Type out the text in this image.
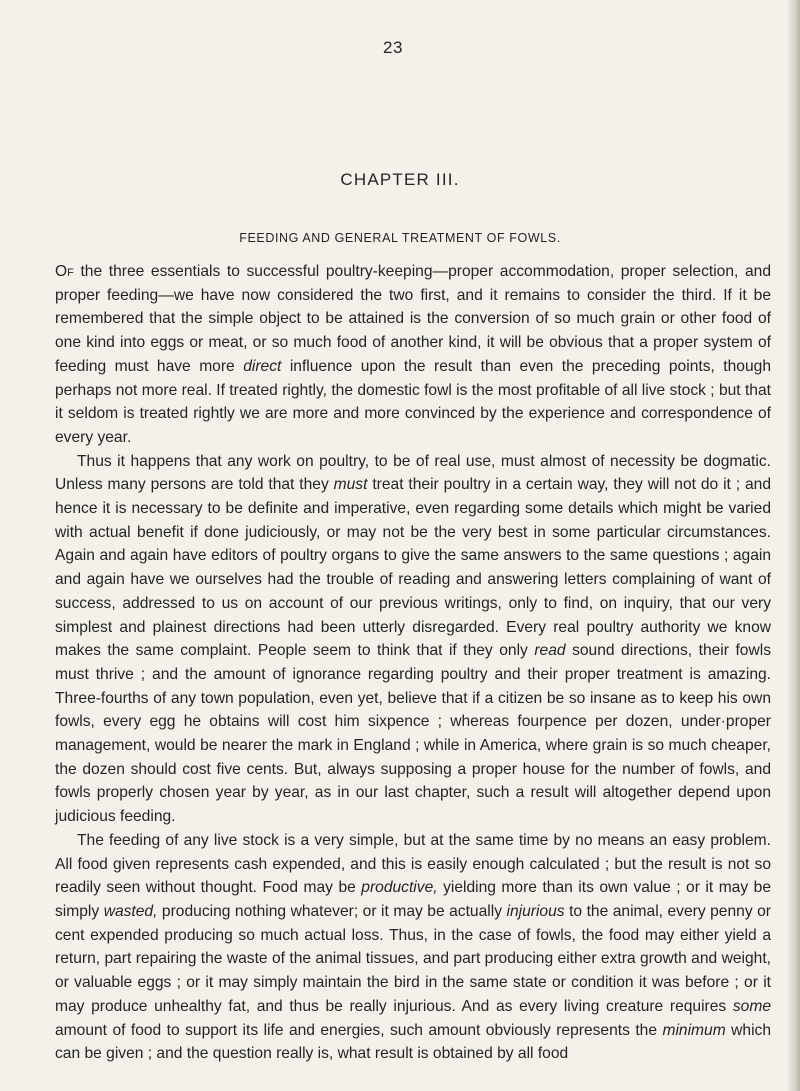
23
CHAPTER III.
FEEDING AND GENERAL TREATMENT OF FOWLS.

Of the three essentials to successful poultry-keeping—proper accommodation, proper selection, and proper feeding—we have now considered the two first, and it remains to consider the third. If it be remembered that the simple object to be attained is the conversion of so much grain or other food of one kind into eggs or meat, or so much food of another kind, it will be obvious that a proper system of feeding must have more direct influence upon the result than even the preceding points, though perhaps not more real. If treated rightly, the domestic fowl is the most profitable of all live stock ; but that it seldom is treated rightly we are more and more convinced by the experience and correspondence of every year.

Thus it happens that any work on poultry, to be of real use, must almost of necessity be dogmatic. Unless many persons are told that they must treat their poultry in a certain way, they will not do it ; and hence it is necessary to be definite and imperative, even regarding some details which might be varied with actual benefit if done judiciously, or may not be the very best in some particular circumstances. Again and again have editors of poultry organs to give the same answers to the same questions ; again and again have we ourselves had the trouble of reading and answering letters complaining of want of success, addressed to us on account of our previous writings, only to find, on inquiry, that our very simplest and plainest directions had been utterly disregarded. Every real poultry authority we know makes the same complaint. People seem to think that if they only read sound directions, their fowls must thrive ; and the amount of ignorance regarding poultry and their proper treatment is amazing. Three-fourths of any town population, even yet, believe that if a citizen be so insane as to keep his own fowls, every egg he obtains will cost him sixpence ; whereas fourpence per dozen, under·proper management, would be nearer the mark in England ; while in America, where grain is so much cheaper, the dozen should cost five cents. But, always supposing a proper house for the number of fowls, and fowls properly chosen year by year, as in our last chapter, such a result will altogether depend upon judicious feeding.

The feeding of any live stock is a very simple, but at the same time by no means an easy problem. All food given represents cash expended, and this is easily enough calculated ; but the result is not so readily seen without thought. Food may be productive, yielding more than its own value ; or it may be simply wasted, producing nothing whatever; or it may be actually injurious to the animal, every penny or cent expended producing so much actual loss. Thus, in the case of fowls, the food may either yield a return, part repairing the waste of the animal tissues, and part producing either extra growth and weight, or valuable eggs ; or it may simply maintain the bird in the same state or condition it was before ; or it may produce unhealthy fat, and thus be really injurious. And as every living creature requires some amount of food to support its life and energies, such amount obviously represents the minimum which can be given ; and the question really is, what result is obtained by all food
